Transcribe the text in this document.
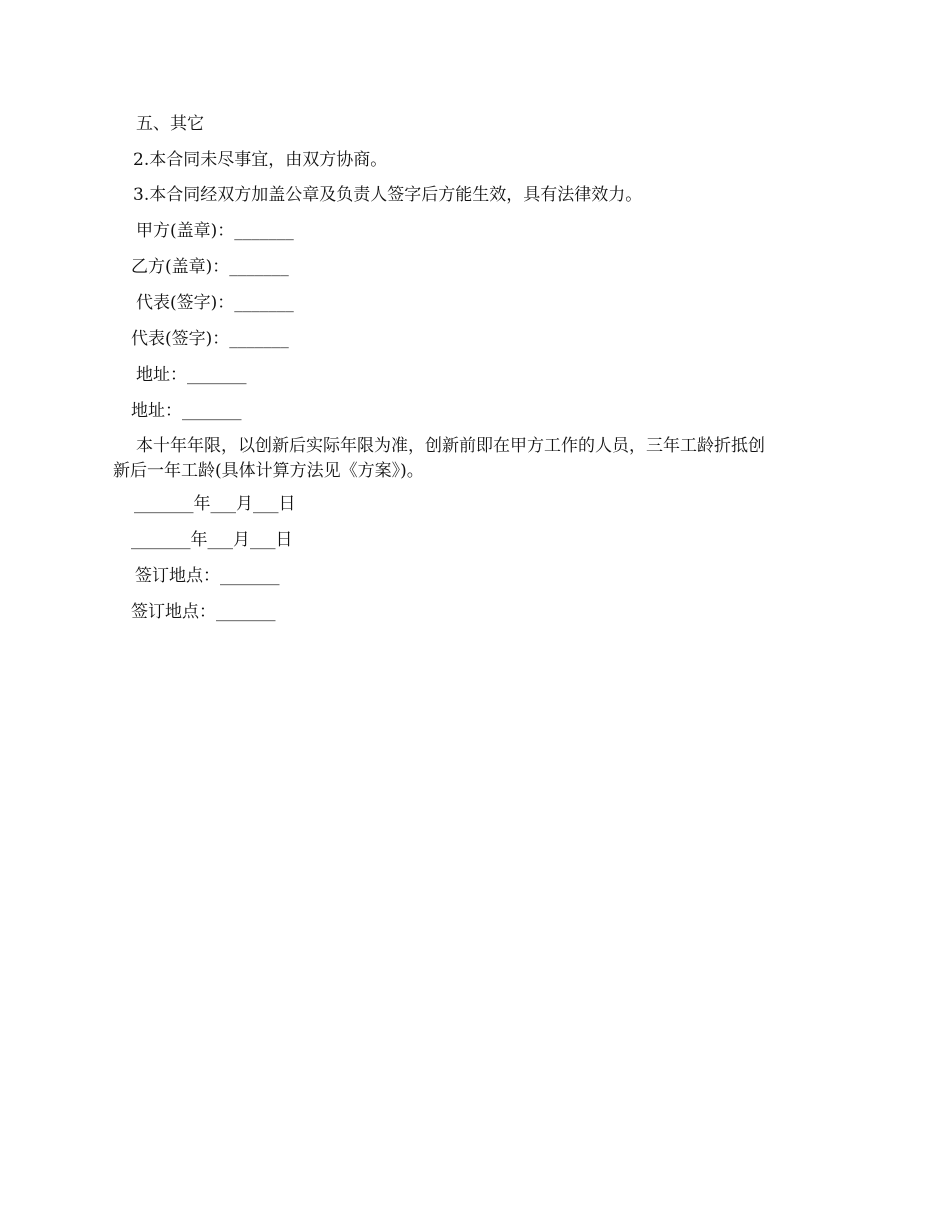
五、其它
2.本合同未尽事宜，由双方协商。
3.本合同经双方加盖公章及负责人签字后方能生效，具有法律效力。
甲方(盖章)：_______
乙方(盖章)：_______
代表(签字)：_______
代表(签字)：_______
地址：_______
地址：_______
本十年年限，以创新后实际年限为准，创新前即在甲方工作的人员，三年工龄折抵创
新后一年工龄(具体计算方法见《方案》)。
_______年___月___日
_______年___月___日
签订地点：_______
签订地点：_______
